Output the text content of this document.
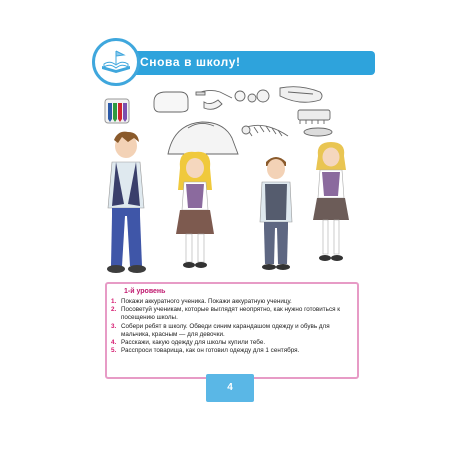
Снова в школу!
1-й уровень
1. Покажи аккуратного ученика. Покажи аккуратную ученицу.
2. Посоветуй ученикам, которые выглядят неопрятно, как нужно готовиться к посещению школы.
3. Собери ребят в школу. Обведи синим карандашом одежду и обувь для мальчика, красным — для девочки.
4. Расскажи, какую одежду для школы купили тебе.
5. Расспроси товарища, как он готовил одежду для 1 сентября.
4
